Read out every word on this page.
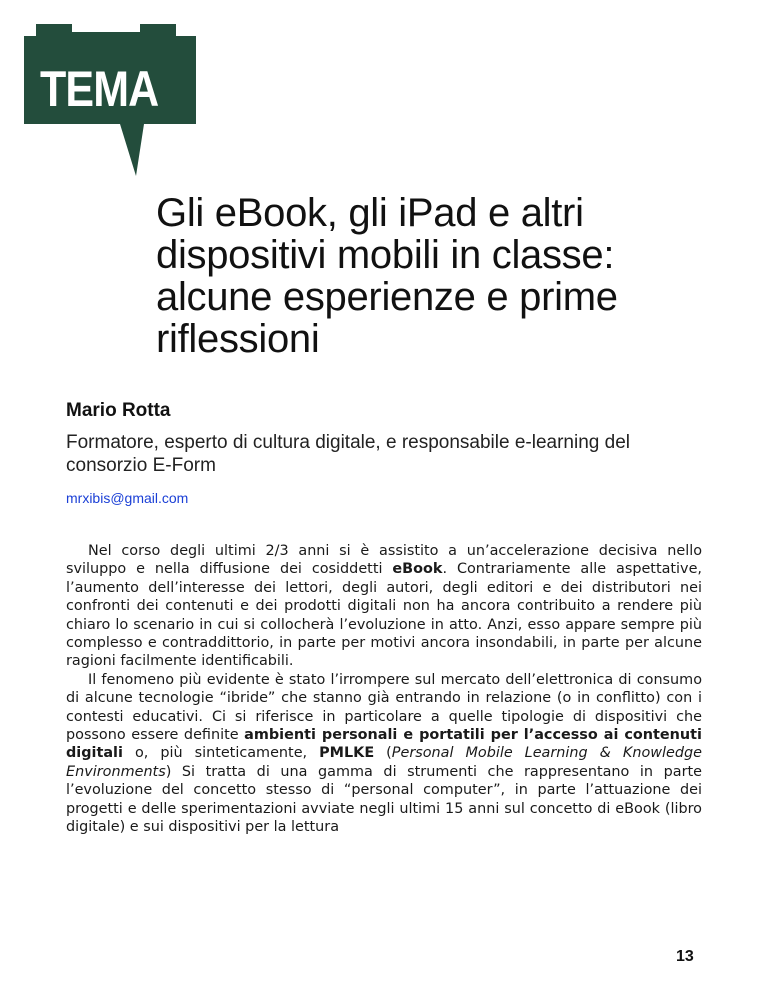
TEMA
Gli eBook, gli iPad e altri dispositivi mobili in classe: alcune esperienze e prime riflessioni
Mario Rotta
Formatore, esperto di cultura digitale, e responsabile e-learning del consorzio E-Form
mrxibis@gmail.com

Nel corso degli ultimi 2/3 anni si è assistito a un’accelerazione decisiva nello sviluppo e nella diffusione dei cosiddetti eBook. Contrariamente alle aspettative, l’aumento dell’interesse dei lettori, degli autori, degli editori e dei distributori nei confronti dei contenuti e dei prodotti digitali non ha ancora contribuito a rendere più chiaro lo scenario in cui si collocherà l’evoluzione in atto. Anzi, esso appare sempre più complesso e contraddittorio, in parte per motivi ancora insondabili, in parte per alcune ragioni facilmente identificabili.

Il fenomeno più evidente è stato l’irrompere sul mercato dell’elettronica di consumo di alcune tecnologie “ibride” che stanno già entrando in relazione (o in conflitto) con i contesti educativi. Ci si riferisce in particolare a quelle tipologie di dispositivi che possono essere definite ambienti personali e portatili per l’accesso ai contenuti digitali o, più sinteticamente, PMLKE (Personal Mobile Learning & Knowledge Environments) Si tratta di una gamma di strumenti che rappresentano in parte l’evoluzione del concetto stesso di “personal computer”, in parte l’attuazione dei progetti e delle sperimentazioni avviate negli ultimi 15 anni sul concetto di eBook (libro digitale) e sui dispositivi per la lettura

13
